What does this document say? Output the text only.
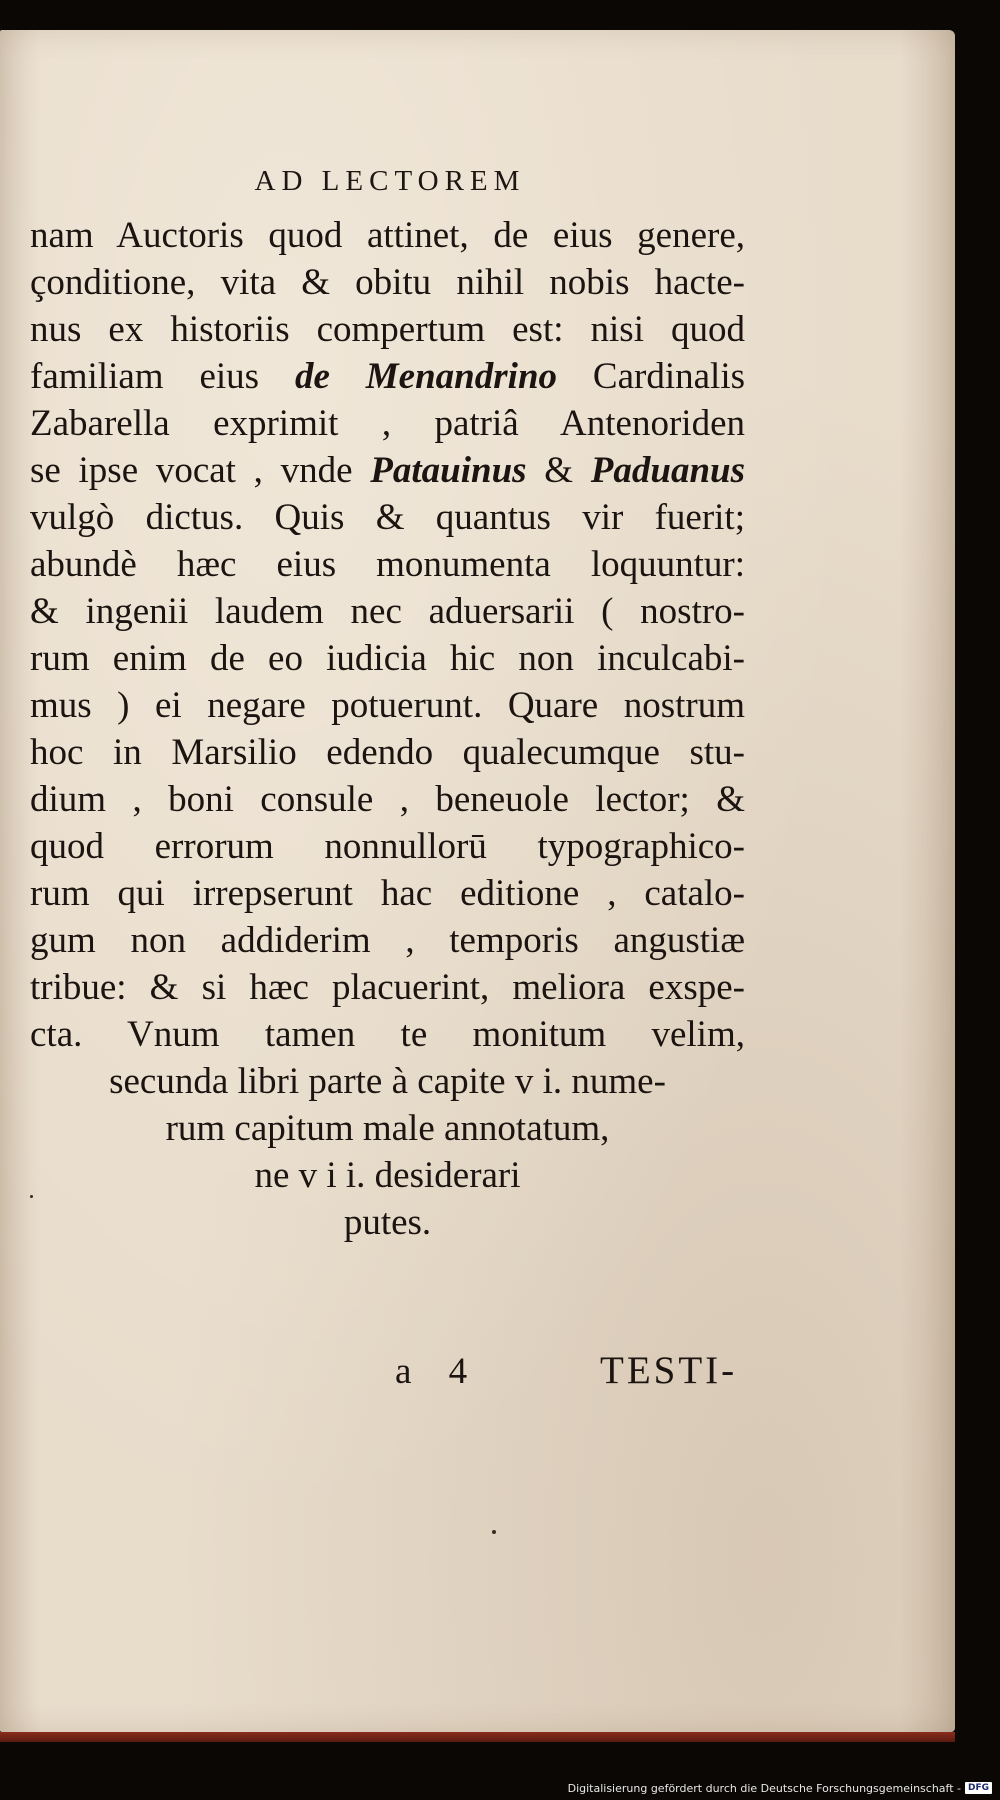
AD LECTOREM
nam Auctoris quod attinet, de eius genere,
çonditione, vita & obitu nihil nobis hacte-
nus ex historiis compertum est: nisi quod
familiam eius de Menandrino Cardinalis
Zabarella exprimit , patriâ Antenoriden
se ipse vocat , vnde Patauinus & Paduanus
vulgò dictus. Quis & quantus vir fuerit;
abundè hæc eius monumenta loquuntur:
& ingenii laudem nec aduersarii ( nostro-
rum enim de eo iudicia hic non inculcabi-
mus ) ei negare potuerunt. Quare nostrum
hoc in Marsilio edendo qualecumque stu-
dium , boni consule , beneuole lector; &
quod errorum nonnullorū typographico-
rum qui irrepserunt hac editione , catalo-
gum non addiderim , temporis angustiæ
tribue: & si hæc placuerint, meliora exspe-
cta. Vnum tamen te monitum velim,
secunda libri parte à capite v i. nume-
rum capitum male annotatum,
ne v i i. desiderari
putes.
a 4	TESTI-
Digitalisierung gefördert durch die Deutsche Forschungsgemeinschaft - DFG
